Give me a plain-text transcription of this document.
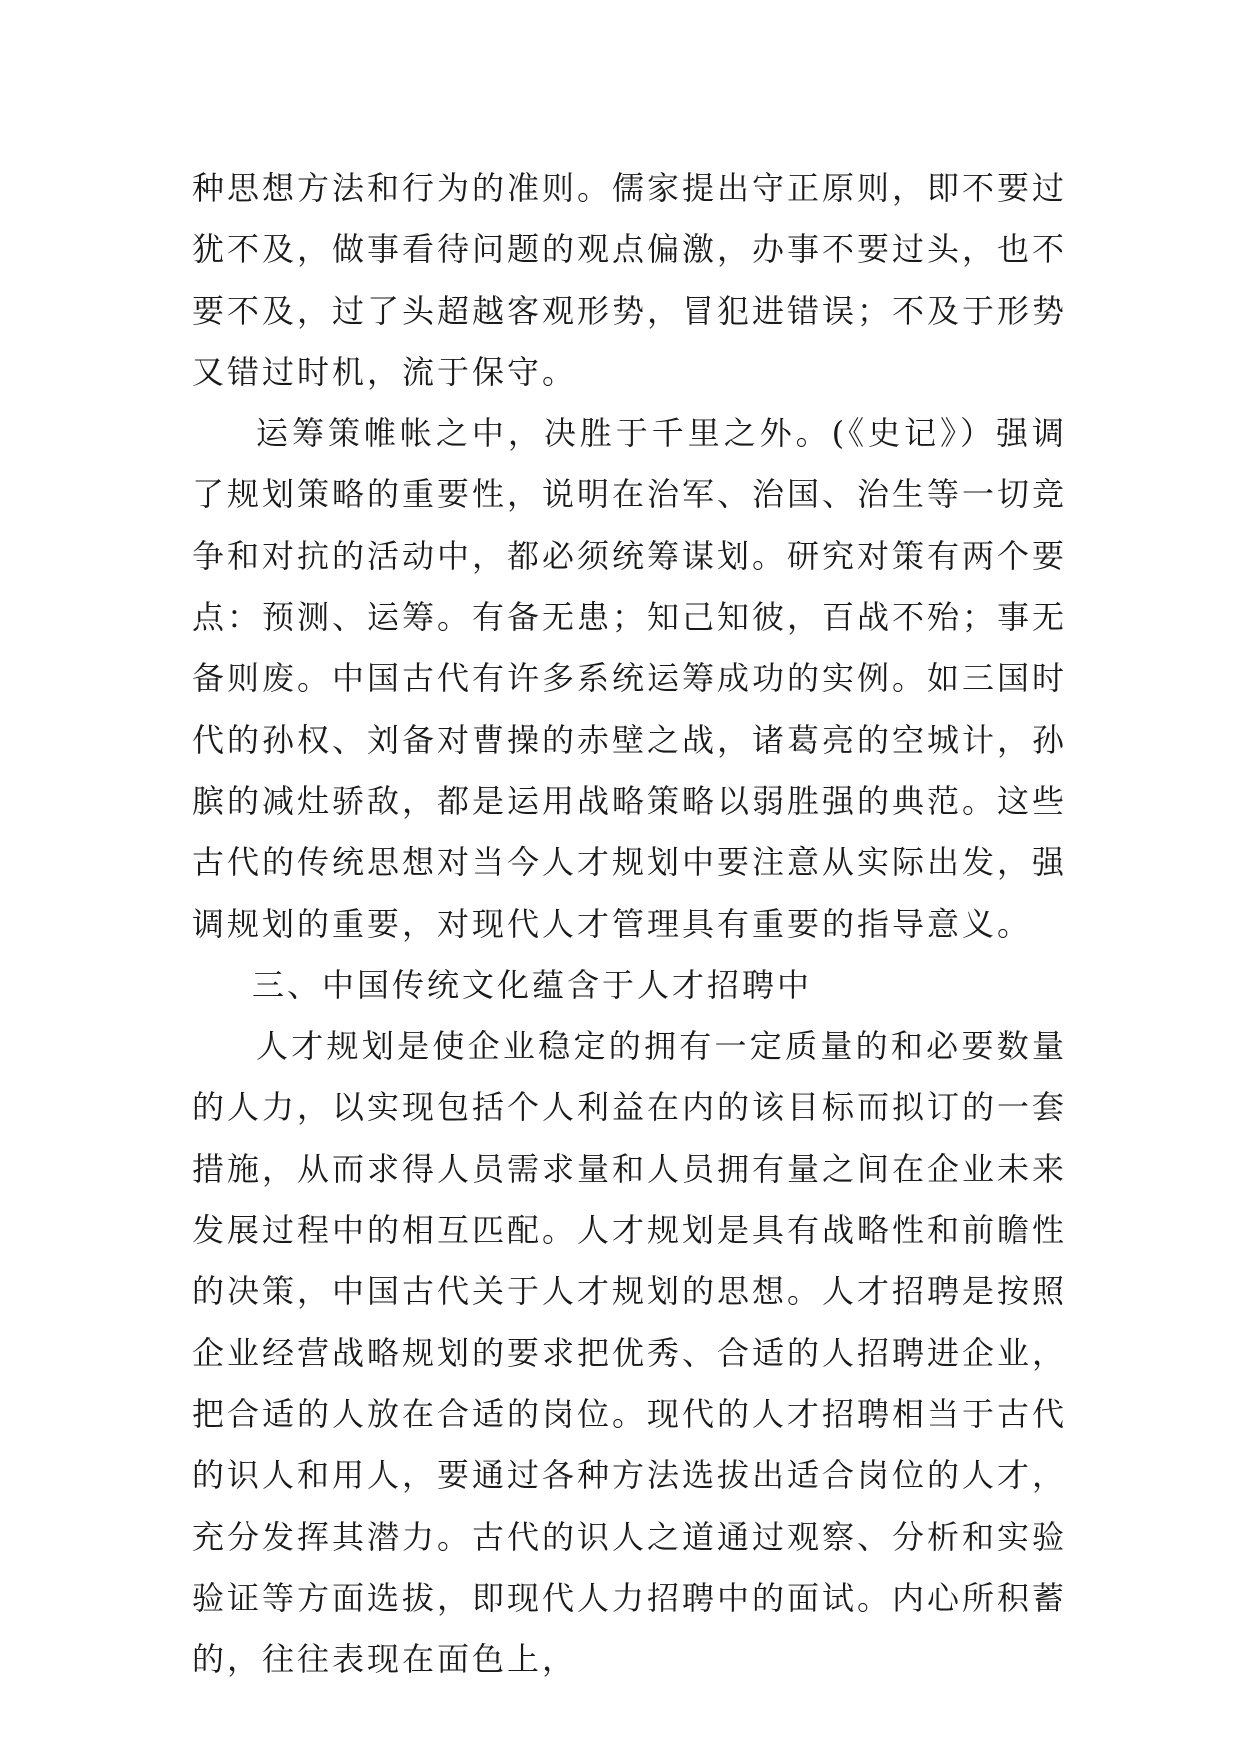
种思想方法和行为的准则。儒家提出守正原则，即不要过犹不及，做事看待问题的观点偏激，办事不要过头，也不要不及，过了头超越客观形势，冒犯进错误；不及于形势又错过时机，流于保守。

运筹策帷帐之中，决胜于千里之外。(《史记》）强调了规划策略的重要性，说明在治军、治国、治生等一切竞争和对抗的活动中，都必须统筹谋划。研究对策有两个要点：预测、运筹。有备无患；知己知彼，百战不殆；事无备则废。中国古代有许多系统运筹成功的实例。如三国时代的孙权、刘备对曹操的赤壁之战，诸葛亮的空城计，孙膑的减灶骄敌，都是运用战略策略以弱胜强的典范。这些古代的传统思想对当今人才规划中要注意从实际出发，强调规划的重要，对现代人才管理具有重要的指导意义。

三、中国传统文化蕴含于人才招聘中

人才规划是使企业稳定的拥有一定质量的和必要数量的人力，以实现包括个人利益在内的该目标而拟订的一套措施，从而求得人员需求量和人员拥有量之间在企业未来发展过程中的相互匹配。人才规划是具有战略性和前瞻性的决策，中国古代关于人才规划的思想。人才招聘是按照企业经营战略规划的要求把优秀、合适的人招聘进企业，把合适的人放在合适的岗位。现代的人才招聘相当于古代的识人和用人，要通过各种方法选拔出适合岗位的人才，充分发挥其潜力。古代的识人之道通过观察、分析和实验验证等方面选拔，即现代人力招聘中的面试。内心所积蓄的，往往表现在面色上，
